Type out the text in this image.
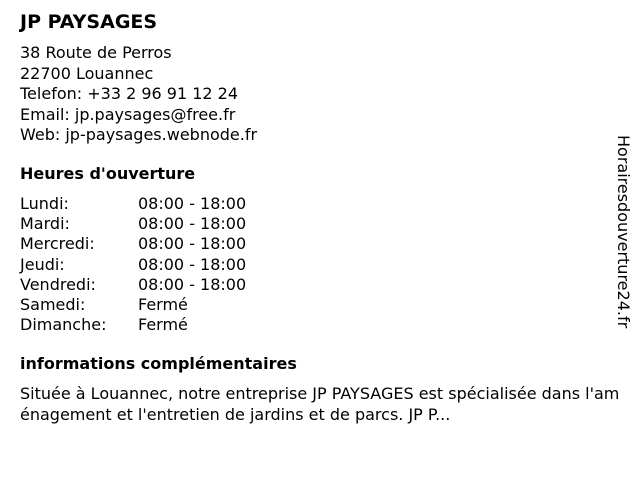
JP PAYSAGES
38 Route de Perros
22700 Louannec
Telefon: +33 2 96 91 12 24
Email: jp.paysages@free.fr
Web: jp-paysages.webnode.fr
Heures d'ouverture
Lundi:	08:00 - 18:00
Mardi:	08:00 - 18:00
Mercredi:	08:00 - 18:00
Jeudi:	08:00 - 18:00
Vendredi:	08:00 - 18:00
Samedi:	Fermé
Dimanche: Fermé
informations complémentaires
Située à Louannec, notre entreprise JP PAYSAGES est spécialisée dans l'aménagement et l'entretien de jardins et de parcs. JP P...
Horairesdouverture24.fr
